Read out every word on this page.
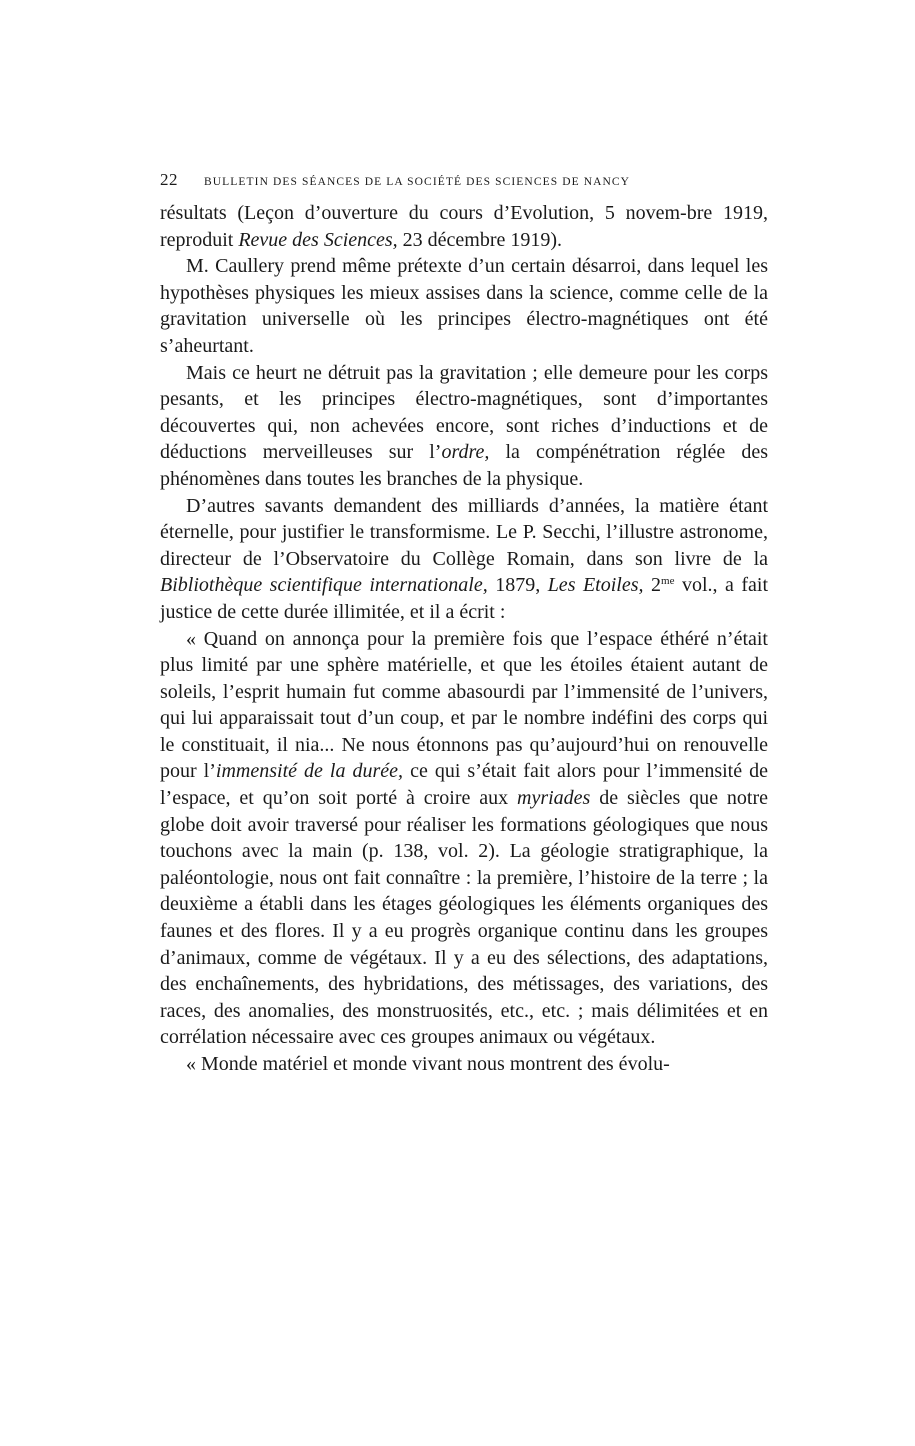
22 BULLETIN DES SÉANCES DE LA SOCIÉTÉ DES SCIENCES DE NANCY

résultats (Leçon d’ouverture du cours d’Evolution, 5 novem-bre 1919, reproduit Revue des Sciences, 23 décembre 1919).

M. Caullery prend même prétexte d’un certain désarroi, dans lequel les hypothèses physiques les mieux assises dans la science, comme celle de la gravitation universelle où les principes électro-magnétiques ont été s’aheurtant.

Mais ce heurt ne détruit pas la gravitation ; elle demeure pour les corps pesants, et les principes électro-magnétiques, sont d’importantes découvertes qui, non achevées encore, sont riches d’inductions et de déductions merveilleuses sur l’ordre, la compénétration réglée des phénomènes dans toutes les branches de la physique.

D’autres savants demandent des milliards d’années, la matière étant éternelle, pour justifier le transformisme. Le P. Secchi, l’illustre astronome, directeur de l’Observatoire du Collège Romain, dans son livre de la Bibliothèque scientifique internationale, 1879, Les Etoiles, $2^{me}$ vol., a fait justice de cette durée illimitée, et il a écrit :

« Quand on annonça pour la première fois que l’espace éthéré n’était plus limité par une sphère matérielle, et que les étoiles étaient autant de soleils, l’esprit humain fut comme abasourdi par l’immensité de l’univers, qui lui apparaissait tout d’un coup, et par le nombre indéfini des corps qui le constituait, il nia... Ne nous étonnons pas qu’aujourd’hui on renouvelle pour l’immensité de la durée, ce qui s’était fait alors pour l’immensité de l’espace, et qu’on soit porté à croire aux myriades de siècles que notre globe doit avoir traversé pour réaliser les formations géologiques que nous touchons avec la main (p. 138, vol. 2). La géologie stratigraphique, la paléontologie, nous ont fait connaître : la première, l’histoire de la terre ; la deuxième a établi dans les étages géologiques les éléments organiques des faunes et des flores. Il y a eu progrès organique continu dans les groupes d’animaux, comme de végétaux. Il y a eu des sélections, des adaptations, des enchaînements, des hybridations, des métissages, des variations, des races, des anomalies, des monstruosités, etc., etc. ; mais délimitées et en corrélation nécessaire avec ces groupes animaux ou végétaux.

« Monde matériel et monde vivant nous montrent des évolu-
